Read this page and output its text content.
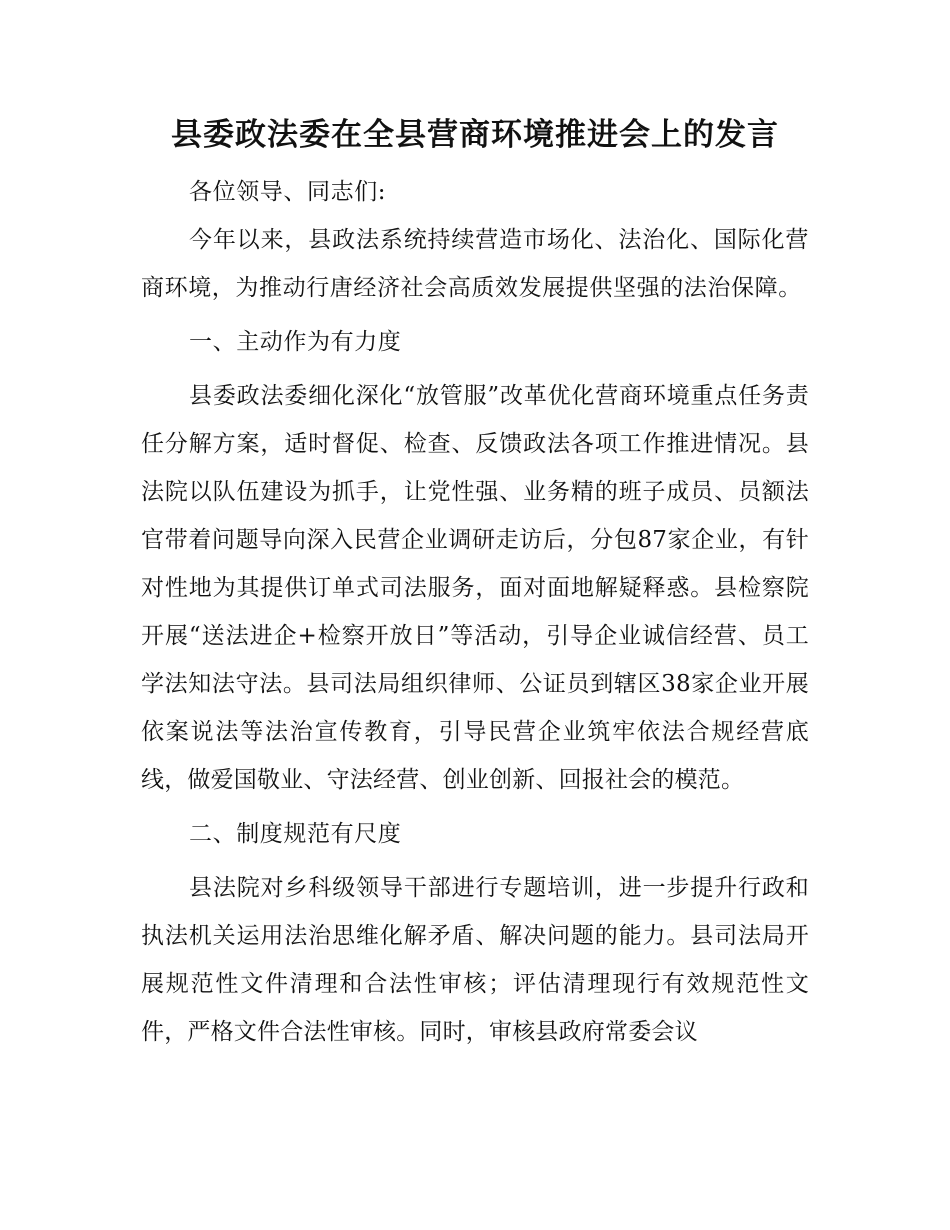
县委政法委在全县营商环境推进会上的发言

各位领导、同志们:

今年以来，县政法系统持续营造市场化、法治化、国际化营商环境，为推动行唐经济社会高质效发展提供坚强的法治保障。

一、主动作为有力度

县委政法委细化深化“放管服”改革优化营商环境重点任务责任分解方案，适时督促、检查、反馈政法各项工作推进情况。县法院以队伍建设为抓手，让党性强、业务精的班子成员、员额法官带着问题导向深入民营企业调研走访后，分包87家企业，有针对性地为其提供订单式司法服务，面对面地解疑释惑。县检察院开展“送法进企+检察开放日”等活动，引导企业诚信经营、员工学法知法守法。县司法局组织律师、公证员到辖区38家企业开展依案说法等法治宣传教育，引导民营企业筑牢依法合规经营底线，做爱国敬业、守法经营、创业创新、回报社会的模范。

二、制度规范有尺度

县法院对乡科级领导干部进行专题培训，进一步提升行政和执法机关运用法治思维化解矛盾、解决问题的能力。县司法局开展规范性文件清理和合法性审核；评估清理现行有效规范性文件，严格文件合法性审核。同时，审核县政府常委会议
